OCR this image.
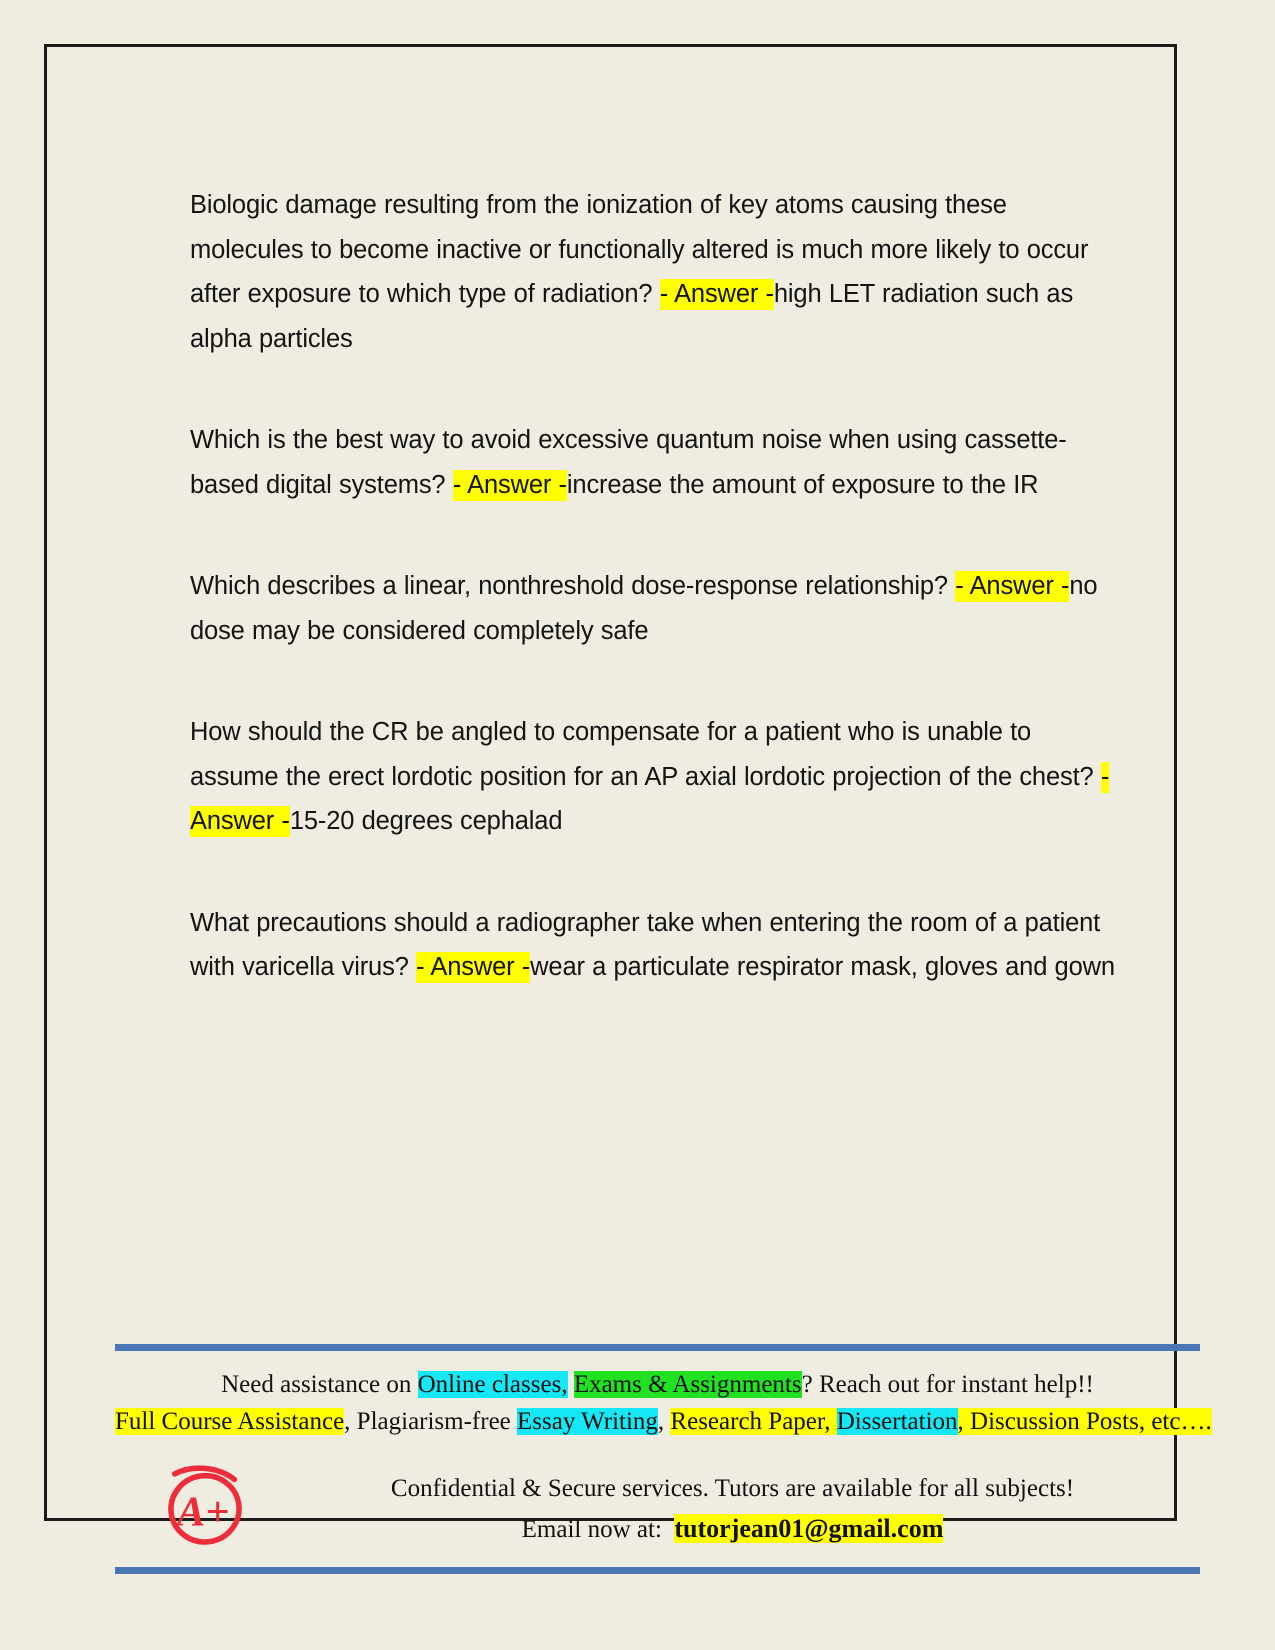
Biologic damage resulting from the ionization of key atoms causing these molecules to become inactive or functionally altered is much more likely to occur after exposure to which type of radiation? - Answer -high LET radiation such as alpha particles

Which is the best way to avoid excessive quantum noise when using cassette-based digital systems? - Answer -increase the amount of exposure to the IR

Which describes a linear, nonthreshold dose-response relationship? - Answer -no dose may be considered completely safe

How should the CR be angled to compensate for a patient who is unable to assume the erect lordotic position for an AP axial lordotic projection of the chest? - Answer -15-20 degrees cephalad

What precautions should a radiographer take when entering the room of a patient with varicella virus? - Answer -wear a particulate respirator mask, gloves and gown

Need assistance on Online classes, Exams & Assignments? Reach out for instant help!!
Full Course Assistance, Plagiarism-free Essay Writing, Research Paper, Dissertation, Discussion Posts, etc….
A+
Confidential & Secure services. Tutors are available for all subjects!
Email now at: tutorjean01@gmail.com
